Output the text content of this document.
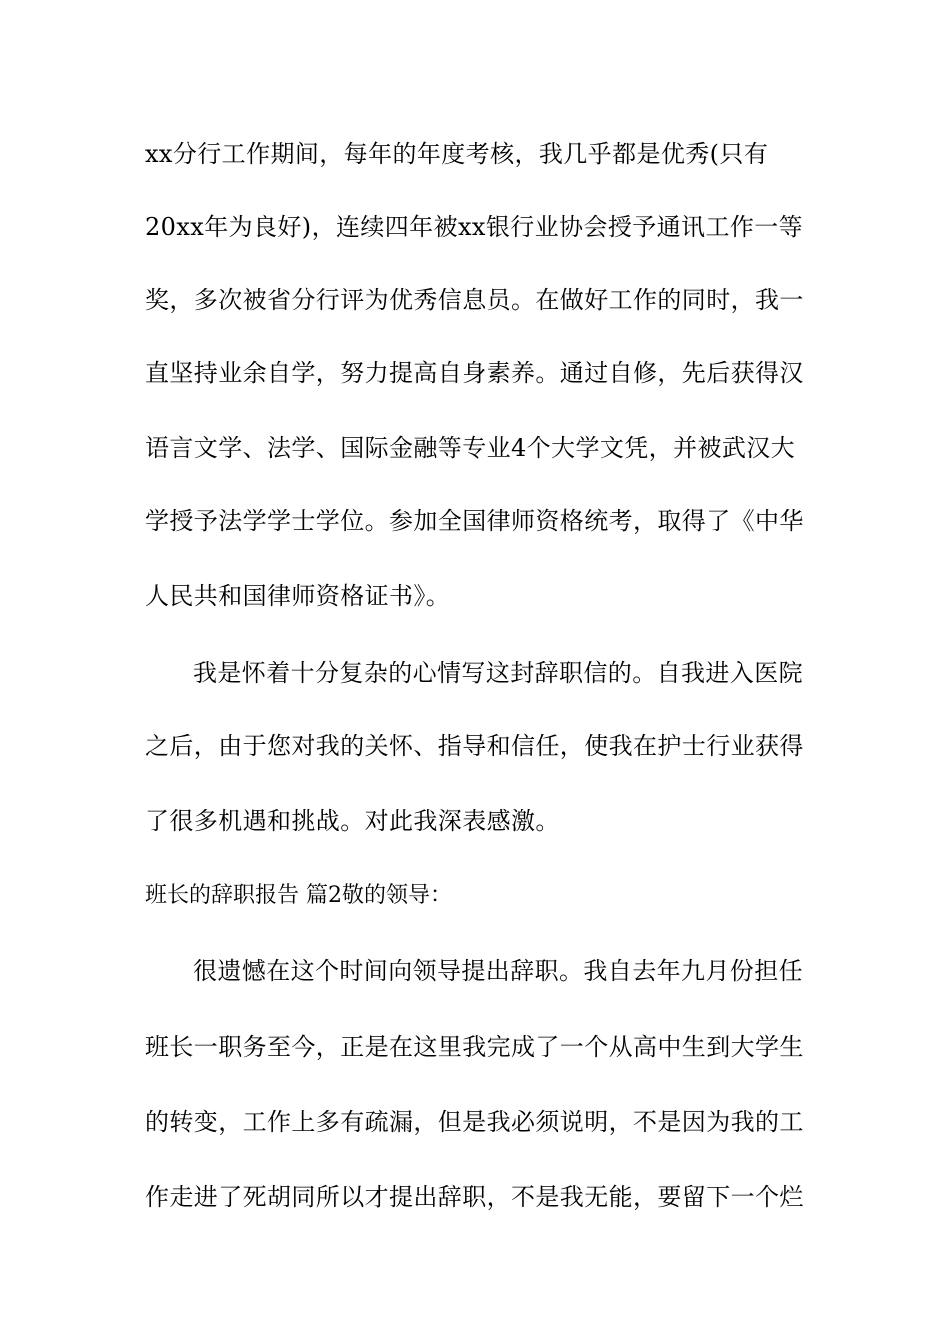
xx分行工作期间，每年的年度考核，我几乎都是优秀(只有
20xx年为良好)，连续四年被xx银行业协会授予通讯工作一等
奖，多次被省分行评为优秀信息员。在做好工作的同时，我一
直坚持业余自学，努力提高自身素养。通过自修，先后获得汉
语言文学、法学、国际金融等专业4个大学文凭，并被武汉大
学授予法学学士学位。参加全国律师资格统考，取得了《中华
人民共和国律师资格证书》。
我是怀着十分复杂的心情写这封辞职信的。自我进入医院
之后，由于您对我的关怀、指导和信任，使我在护士行业获得
了很多机遇和挑战。对此我深表感激。
班长的辞职报告 篇2敬的领导：
很遗憾在这个时间向领导提出辞职。我自去年九月份担任
班长一职务至今，正是在这里我完成了一个从高中生到大学生
的转变，工作上多有疏漏，但是我必须说明，不是因为我的工
作走进了死胡同所以才提出辞职，不是我无能，要留下一个烂
